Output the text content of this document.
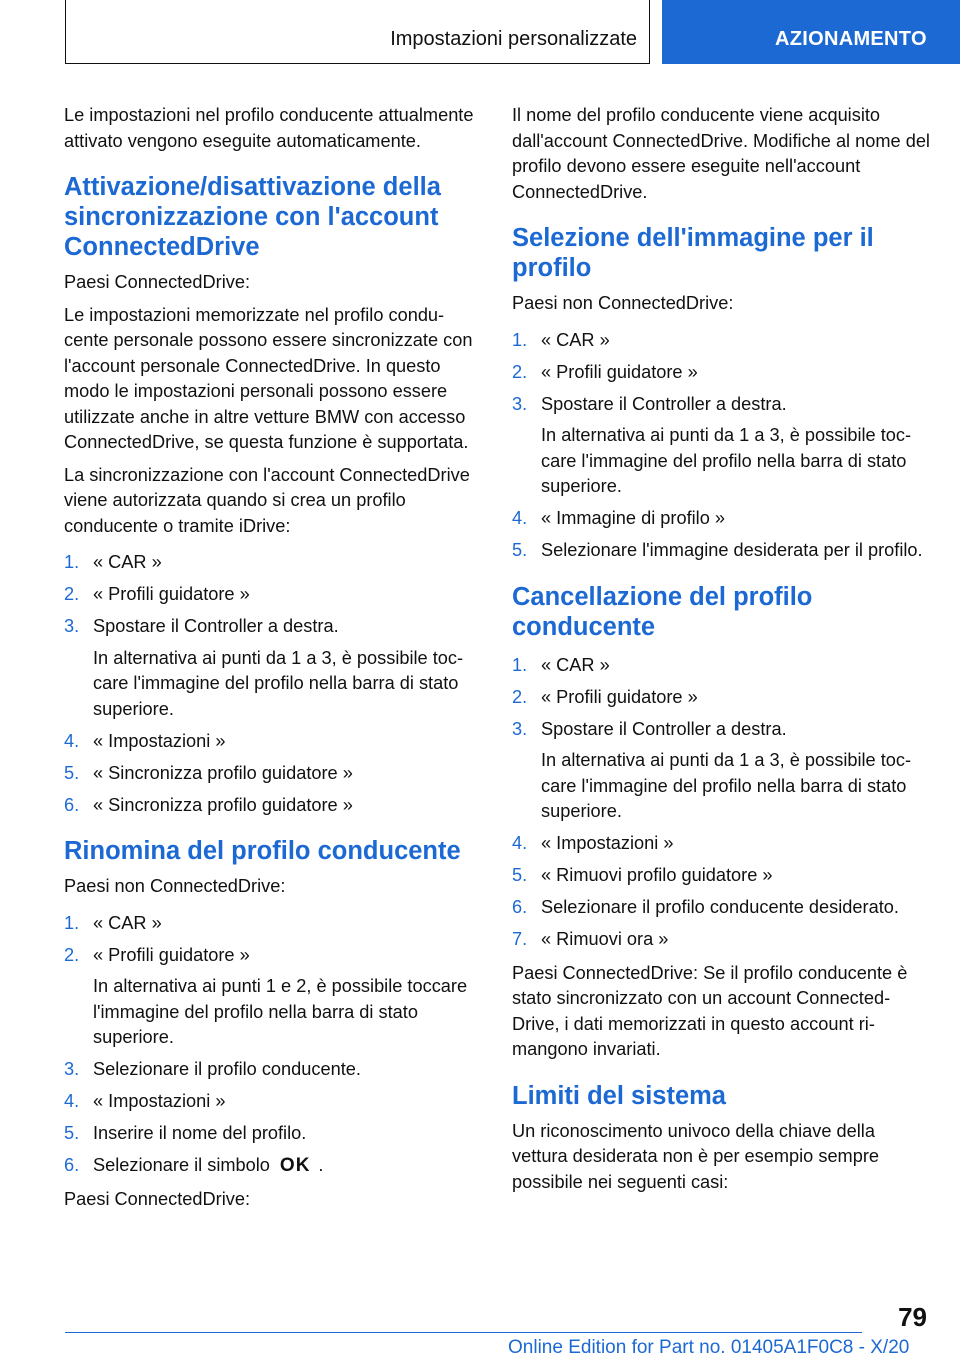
Impostazioni personalizzate	AZIONAMENTO

Le impostazioni nel profilo conducente attualmente attivato vengono eseguite automaticamente.

Attivazione/disattivazione della sincronizzazione con l'account ConnectedDrive

Paesi ConnectedDrive:

Le impostazioni memorizzate nel profilo conducente personale possono essere sincronizzate con l'account personale ConnectedDrive. In questo modo le impostazioni personali possono essere utilizzate anche in altre vetture BMW con accesso ConnectedDrive, se questa funzione è supportata.

La sincronizzazione con l'account ConnectedDrive viene autorizzata quando si crea un profilo conducente o tramite iDrive:

1. « CAR »
2. « Profili guidatore »
3. Spostare il Controller a destra.
In alternativa ai punti da 1 a 3, è possibile toccare l'immagine del profilo nella barra di stato superiore.
4. « Impostazioni »
5. « Sincronizza profilo guidatore »
6. « Sincronizza profilo guidatore »
Rinomina del profilo conducente

Paesi non ConnectedDrive:

1. « CAR »
2. « Profili guidatore »
In alternativa ai punti 1 e 2, è possibile toccare l'immagine del profilo nella barra di stato superiore.
3. Selezionare il profilo conducente.
4. « Impostazioni »
5. Inserire il nome del profilo.
6. Selezionare il simbolo OK .

Paesi ConnectedDrive:

Il nome del profilo conducente viene acquisito dall'account ConnectedDrive. Modifiche al nome del profilo devono essere eseguite nell'account ConnectedDrive.

Selezione dell'immagine per il profilo

Paesi non ConnectedDrive:

1. « CAR »
2. « Profili guidatore »
3. Spostare il Controller a destra.
In alternativa ai punti da 1 a 3, è possibile toccare l'immagine del profilo nella barra di stato superiore.
4. « Immagine di profilo »
5. Selezionare l'immagine desiderata per il profilo.
Cancellazione del profilo conducente
1. « CAR »
2. « Profili guidatore »
3. Spostare il Controller a destra.
In alternativa ai punti da 1 a 3, è possibile toccare l'immagine del profilo nella barra di stato superiore.
4. « Impostazioni »
5. « Rimuovi profilo guidatore »
6. Selezionare il profilo conducente desiderato.
7. « Rimuovi ora »

Paesi ConnectedDrive: Se il profilo conducente è stato sincronizzato con un account ConnectedDrive, i dati memorizzati in questo account rimangono invariati.

Limiti del sistema

Un riconoscimento univoco della chiave della vettura desiderata non è per esempio sempre possibile nei seguenti casi:

79
Online Edition for Part no. 01405A1F0C8 - X/20
